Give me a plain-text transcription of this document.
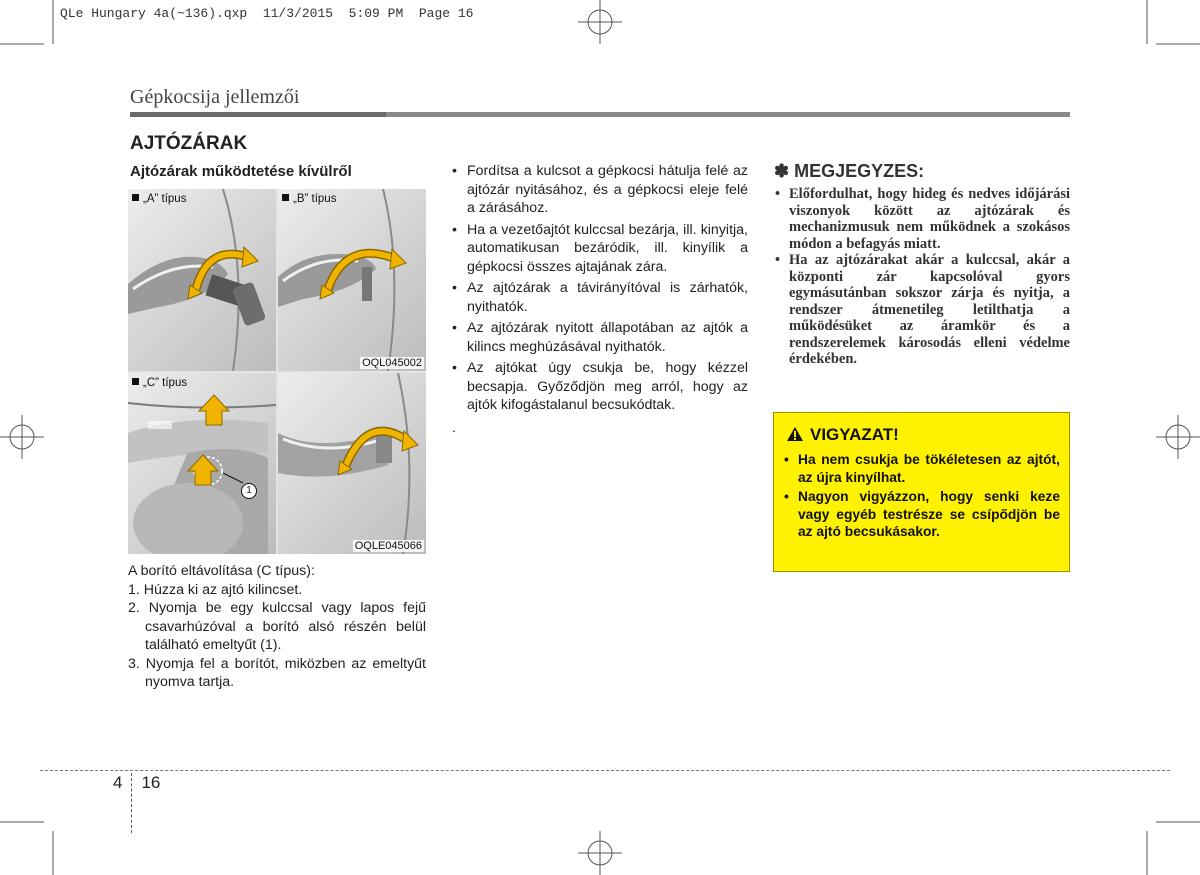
QLe Hungary 4a(~136).qxp  11/3/2015  5:09 PM  Page 16
Gépkocsija jellemzői
AJTÓZÁRAK
Ajtózárak működtetése kívülről
„A” típus	„B” típus
OQL045002
„C” típus
1
OQLE045066

A borító eltávolítása (C típus):

1. Húzza ki az ajtó kilincset.
2. Nyomja be egy kulccsal vagy lapos fejű csavarhúzóval a borító alsó részén belül található emeltyűt (1).
3. Nyomja fel a borítót, miközben az emeltyűt nyomva tartja.
• Fordítsa a kulcsot a gépkocsi hátulja felé az ajtózár nyitásához, és a gépkocsi eleje felé a zárásához.
• Ha a vezetőajtót kulccsal bezárja, ill. kinyitja, automatikusan bezáródik, ill. kinyílik a gépkocsi összes ajtajának zára.
• Az ajtózárak a távirányítóval is zárhatók, nyithatók.
• Az ajtózárak nyitott állapotában az ajtók a kilincs meghúzásával nyithatók.
• Az ajtókat úgy csukja be, hogy kézzel becsapja. Győződjön meg arról, hogy az ajtók kifogástalanul becsukódtak.
.
✽ MEGJEGYZES:
• Előfordulhat, hogy hideg és nedves időjárási viszonyok között az ajtózárak és mechanizmusuk nem működnek a szokásos módon a befagyás miatt.
• Ha az ajtózárakat akár a kulccsal, akár a központi zár kapcsolóval gyors egymásutánban sokszor zárja és nyitja, a rendszer átmenetileg letilthatja a működésüket az áramkör és a rendszerelemek károsodás elleni védelme érdekében.
VIGYAZAT!
• Ha nem csukja be tökéletesen az ajtót, az újra kinyílhat.
• Nagyon vigyázzon, hogy senki keze vagy egyéb testrésze se csípődjön be az ajtó becsukásakor.
4 16
